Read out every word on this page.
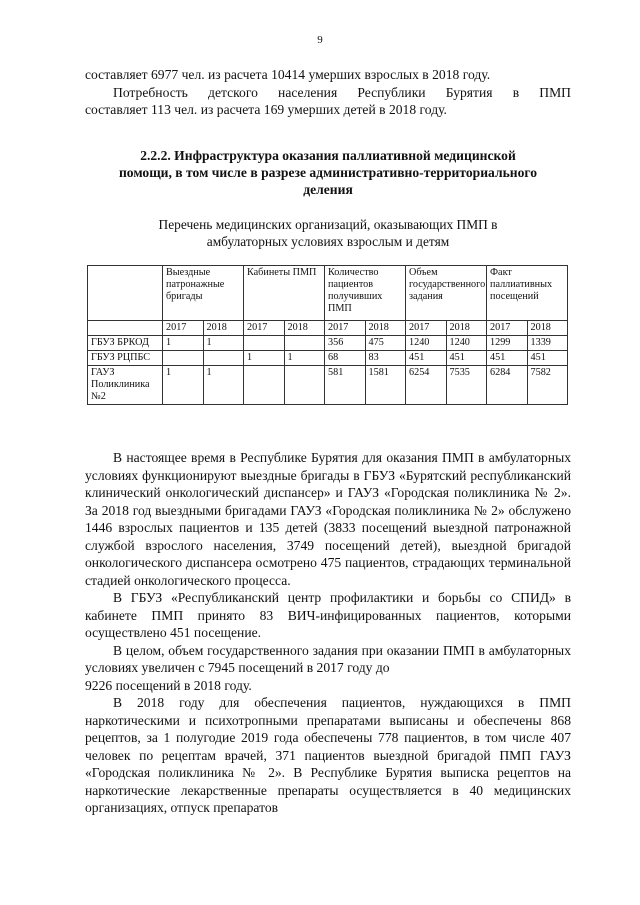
9

составляет 6977 чел. из расчета 10414 умерших взрослых в 2018 году.

Потребность детского населения Республики Бурятия в ПМП

составляет 113 чел. из расчета 169 умерших детей в 2018 году.

2.2.2. Инфраструктура оказания паллиативной медицинской
помощи, в том числе в разрезе административно-территориального
деления
Перечень медицинских организаций, оказывающих ПМП в
амбулаторных условиях взрослым и детям
	Выездные патронажные бригады		Кабинеты ПМП		Количество пациентов получивших ПМП		Объем государственного задания		Факт паллиативных посещений	
	2017	2018	2017	2018	2017	2018	2017	2018	2017	2018
ГБУЗ БРКОД	1	1			356	475	1240	1240	1299	1339
ГБУЗ РЦПБС			1	1	68	83	451	451	451	451
ГАУЗ Поликлиника №2	1	1			581	1581	6254	7535	6284	7582

В настоящее время в Республике Бурятия для оказания ПМП в амбулаторных условиях функционируют выездные бригады в ГБУЗ «Бурятский республиканский клинический онкологический диспансер» и ГАУЗ «Городская поликлиника № 2». За 2018 год выездными бригадами ГАУЗ «Городская поликлиника № 2» обслужено 1446 взрослых пациентов и 135 детей (3833 посещений выездной патронажной службой взрослого населения, 3749 посещений детей), выездной бригадой онкологического диспансера осмотрено 475 пациентов, страдающих терминальной стадией онкологического процесса.

В ГБУЗ «Республиканский центр профилактики и борьбы со СПИД» в кабинете ПМП принято 83 ВИЧ-инфицированных пациентов, которыми осуществлено 451 посещение.

В целом, объем государственного задания при оказании ПМП в амбулаторных условиях увеличен с 7945 посещений в 2017 году до

9226 посещений в 2018 году.

В 2018 году для обеспечения пациентов, нуждающихся в ПМП наркотическими и психотропными препаратами выписаны и обеспечены 868 рецептов, за 1 полугодие 2019 года обеспечены 778 пациентов, в том числе 407 человек по рецептам врачей, 371 пациентов выездной бригадой ПМП ГАУЗ «Городская поликлиника № 2». В Республике Бурятия выписка рецептов на наркотические лекарственные препараты осуществляется в 40 медицинских организациях, отпуск препаратов
